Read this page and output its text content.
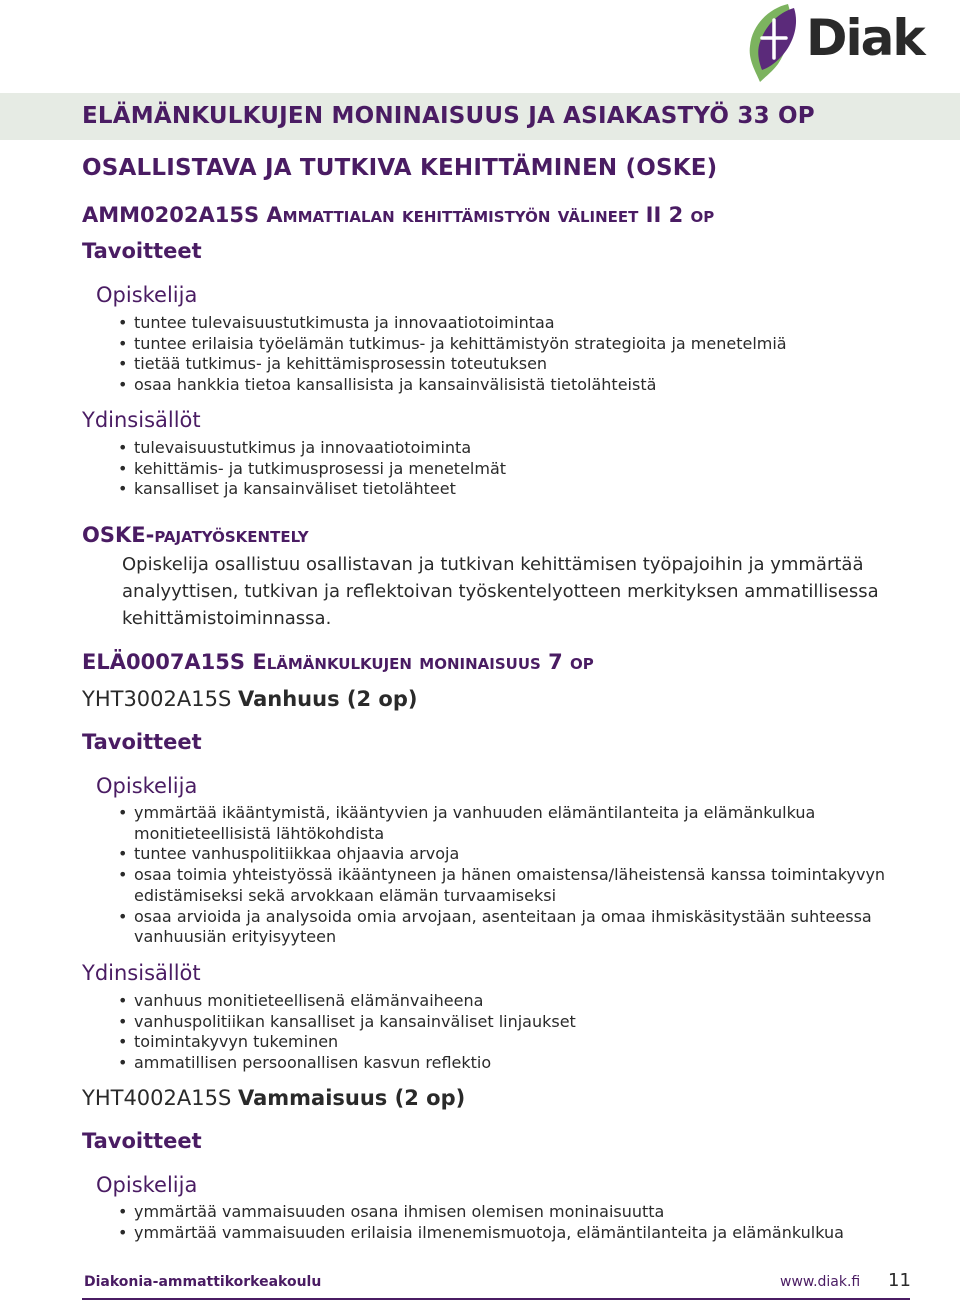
Diak
ELÄMÄNKULKUJEN MONINAISUUS JA ASIAKASTYÖ 33 OP
OSALLISTAVA JA TUTKIVA KEHITTÄMINEN (OSKE)
AMM0202A15S Ammattialan kehittämistyön välineet II 2 op
Tavoitteet
Opiskelija
• tuntee tulevaisuustutkimusta ja innovaatiotoimintaa
• tuntee erilaisia työelämän tutkimus- ja kehittämistyön strategioita ja menetelmiä
• tietää tutkimus- ja kehittämisprosessin toteutuksen
• osaa hankkia tietoa kansallisista ja kansainvälisistä tietolähteistä
Ydinsisällöt
• tulevaisuustutkimus ja innovaatiotoiminta
• kehittämis- ja tutkimusprosessi ja menetelmät
• kansalliset ja kansainväliset tietolähteet
OSKE-pajatyöskentely

Opiskelija osallistuu osallistavan ja tutkivan kehittämisen työpajoihin ja ymmärtää analyyttisen, tutkivan ja reflektoivan työskentelyotteen merkityksen ammatillisessa kehittämistoiminnassa.

ELÄ0007A15S Elämänkulkujen moninaisuus 7 op
YHT3002A15S Vanhuus (2 op)
Tavoitteet
Opiskelija
• ymmärtää ikääntymistä, ikääntyvien ja vanhuuden elämäntilanteita ja elämänkulkua monitieteellisistä lähtökohdista
• tuntee vanhuspolitiikkaa ohjaavia arvoja
• osaa toimia yhteistyössä ikääntyneen ja hänen omaistensa/läheistensä kanssa toimintakyvyn edistämiseksi sekä arvokkaan elämän turvaamiseksi
• osaa arvioida ja analysoida omia arvojaan, asenteitaan ja omaa ihmiskäsitystään suhteessa vanhuusiän erityisyyteen
Ydinsisällöt
• vanhuus monitieteellisenä elämänvaiheena
• vanhuspolitiikan kansalliset ja kansainväliset linjaukset
• toimintakyvyn tukeminen
• ammatillisen persoonallisen kasvun reflektio
YHT4002A15S Vammaisuus (2 op)
Tavoitteet
Opiskelija
• ymmärtää vammaisuuden osana ihmisen olemisen moninaisuutta
• ymmärtää vammaisuuden erilaisia ilmenemismuotoja, elämäntilanteita ja elämänkulkua
Diakonia-ammattikorkeakoulu	www.diak.fi 11
